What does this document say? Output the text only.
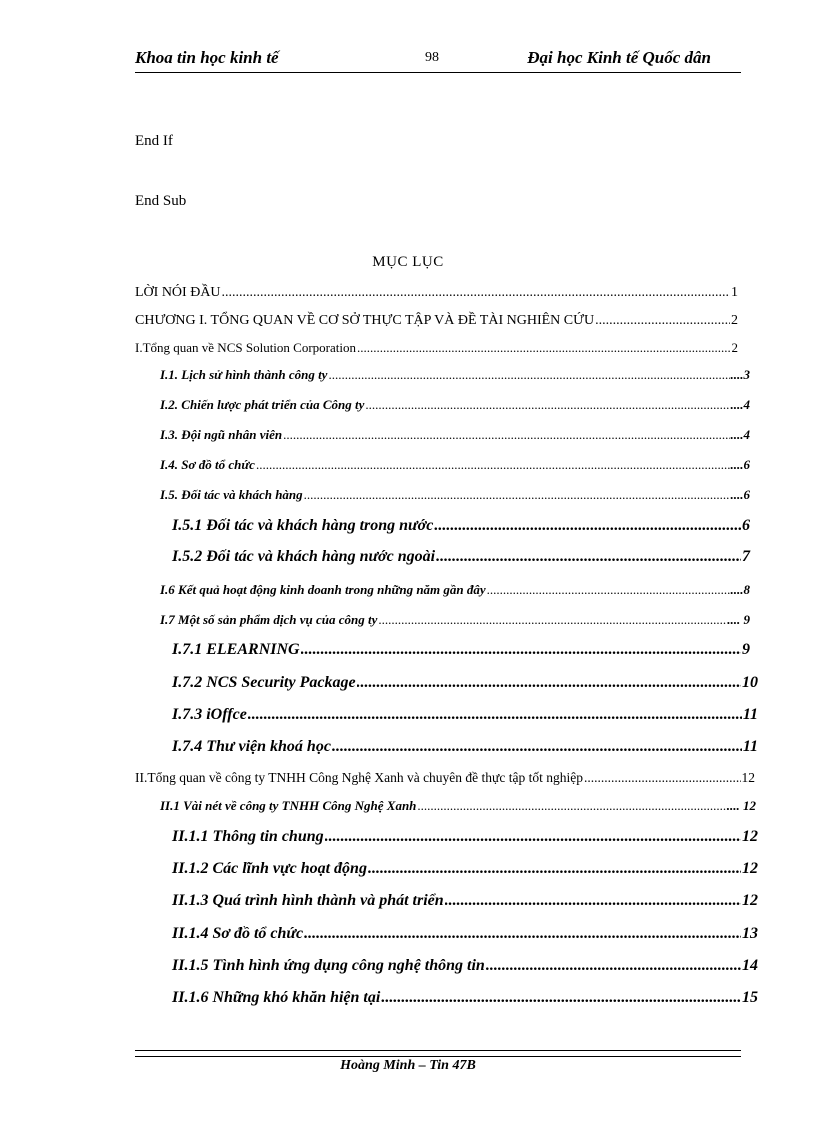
Khoa tin học kinh tế	98	Đại học Kinh tế Quốc dân
End If
End Sub
MỤC LỤC
LỜI NÓI ĐẦU .....	1
CHƯƠNG I. TỔNG QUAN VỀ CƠ SỞ THỰC TẬP VÀ ĐỀ TÀI NGHIÊN CỨU .....	2
I.Tổng quan về NCS Solution Corporation .....	2
I.1. Lịch sử hình thành công ty .....	....3
I.2. Chiến lược phát triển của Công ty .....	....4
I.3. Đội ngũ nhân viên .....	....4
I.4. Sơ đồ tổ chức .....	....6
I.5. Đối tác và khách hàng .....	....6
I.5.1 Đối tác và khách hàng trong nước .....	6
I.5.2 Đối tác và khách hàng nước ngoài .....	7
I.6 Kết quả hoạt động kinh doanh trong những năm gần đây .....	....8
I.7 Một số sản phẩm dịch vụ của công ty .....	.... 9
I.7.1 ELEARNING .....	9
I.7.2 NCS Security Package .....	10
I.7.3 iOffce .....	11
I.7.4 Thư viện khoá học .....	11
II.Tổng quan về công ty TNHH Công Nghệ Xanh và chuyên đề thực tập tốt nghiệp .....	12
II.1 Vài nét về công ty TNHH Công Nghệ Xanh .....	.... 12
II.1.1 Thông tin chung .....	12
II.1.2 Các lĩnh vực hoạt động .....	12
II.1.3 Quá trình hình thành và phát triển .....	12
II.1.4 Sơ đồ tổ chức .....	13
II.1.5 Tình hình ứng dụng công nghệ thông tin .....	14
II.1.6 Những khó khăn hiện tại .....	15
Hoàng Minh – Tin 47B
